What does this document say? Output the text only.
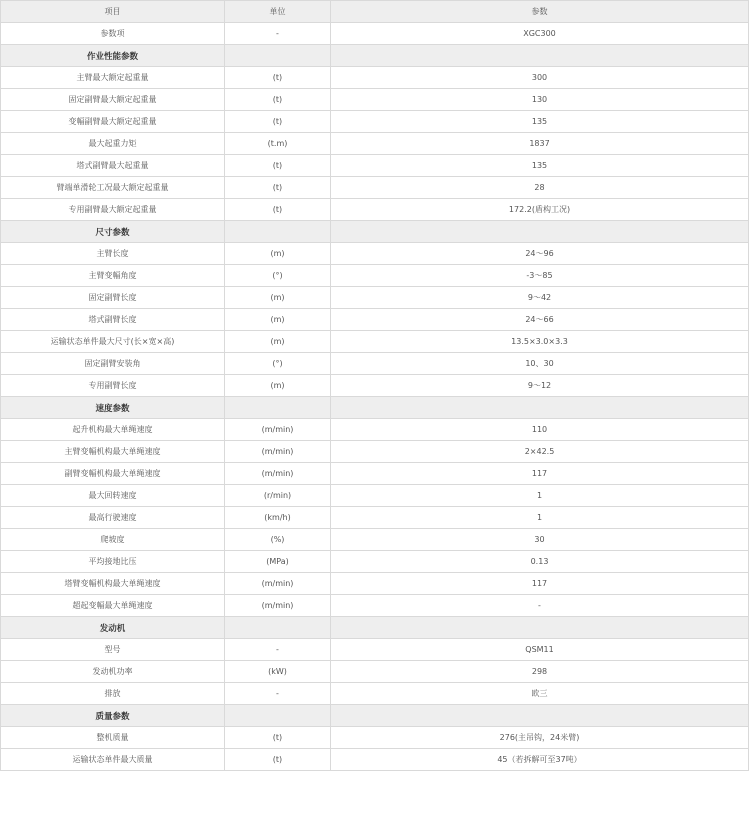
项目	单位	参数
参数项	-	XGC300
作业性能参数		
主臂最大额定起重量	(t)	300
固定副臂最大额定起重量	(t)	130
变幅副臂最大额定起重量	(t)	135
最大起重力矩	(t.m)	1837
塔式副臂最大起重量	(t)	135
臂端单滑轮工况最大额定起重量	(t)	28
专用副臂最大额定起重量	(t)	172.2(盾构工况)
尺寸参数		
主臂长度	(m)	24～96
主臂变幅角度	(°)	-3～85
固定副臂长度	(m)	9～42
塔式副臂长度	(m)	24～66
运输状态单件最大尺寸(长×宽×高)	(m)	13.5×3.0×3.3
固定副臂安装角	(°)	10、30
专用副臂长度	(m)	9～12
速度参数		
起升机构最大单绳速度	(m/min)	110
主臂变幅机构最大单绳速度	(m/min)	2×42.5
副臂变幅机构最大单绳速度	(m/min)	117
最大回转速度	(r/min)	1
最高行驶速度	(km/h)	1
爬坡度	(%)	30
平均接地比压	(MPa)	0.13
塔臂变幅机构最大单绳速度	(m/min)	117
超起变幅最大单绳速度	(m/min)	-
发动机		
型号	-	QSM11
发动机功率	(kW)	298
排放	-	欧三
质量参数		
整机质量	(t)	276(主吊钩，24米臂)
运输状态单件最大质量	(t)	45（若拆解可至37吨）
